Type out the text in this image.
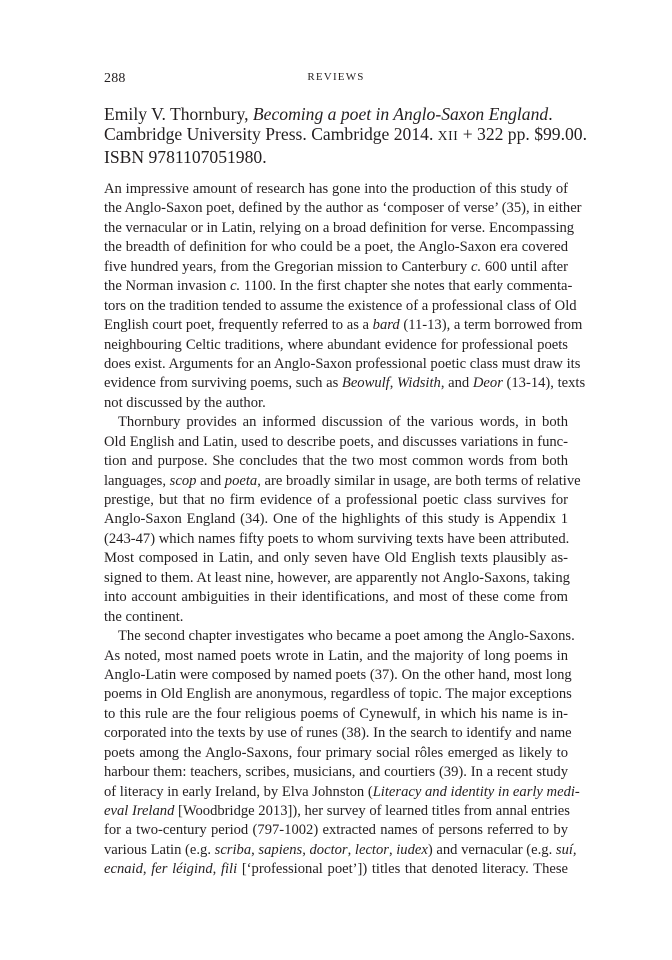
288	REVIEWS
Emily V. Thornbury, Becoming a poet in Anglo-Saxon England.
Cambridge University Press. Cambridge 2014. XII + 322 pp. $99.00.
ISBN 9781107051980.
An impressive amount of research has gone into the production of this study of
the Anglo-Saxon poet, defined by the author as ‘composer of verse’ (35), in either
the vernacular or in Latin, relying on a broad definition for verse. Encompassing
the breadth of definition for who could be a poet, the Anglo-Saxon era covered
five hundred years, from the Gregorian mission to Canterbury c. 600 until after
the Norman invasion c. 1100. In the first chapter she notes that early commenta-
tors on the tradition tended to assume the existence of a professional class of Old
English court poet, frequently referred to as a bard (11-13), a term borrowed from
neighbouring Celtic traditions, where abundant evidence for professional poets
does exist. Arguments for an Anglo-Saxon professional poetic class must draw its
evidence from surviving poems, such as Beowulf, Widsith, and Deor (13-14), texts
not discussed by the author.
Thornbury provides an informed discussion of the various words, in both
Old English and Latin, used to describe poets, and discusses variations in func-
tion and purpose. She concludes that the two most common words from both
languages, scop and poeta, are broadly similar in usage, are both terms of relative
prestige, but that no firm evidence of a professional poetic class survives for
Anglo-Saxon England (34). One of the highlights of this study is Appendix 1
(243-47) which names fifty poets to whom surviving texts have been attributed.
Most composed in Latin, and only seven have Old English texts plausibly as-
signed to them. At least nine, however, are apparently not Anglo-Saxons, taking
into account ambiguities in their identifications, and most of these come from
the continent.
The second chapter investigates who became a poet among the Anglo-Saxons.
As noted, most named poets wrote in Latin, and the majority of long poems in
Anglo-Latin were composed by named poets (37). On the other hand, most long
poems in Old English are anonymous, regardless of topic. The major exceptions
to this rule are the four religious poems of Cynewulf, in which his name is in-
corporated into the texts by use of runes (38). In the search to identify and name
poets among the Anglo-Saxons, four primary social rôles emerged as likely to
harbour them: teachers, scribes, musicians, and courtiers (39). In a recent study
of literacy in early Ireland, by Elva Johnston (Literacy and identity in early medi-
eval Ireland [Woodbridge 2013]), her survey of learned titles from annal entries
for a two-century period (797-1002) extracted names of persons referred to by
various Latin (e.g. scriba, sapiens, doctor, lector, iudex) and vernacular (e.g. suí,
ecnaid, fer léigind, fili [‘professional poet’]) titles that denoted literacy. These
